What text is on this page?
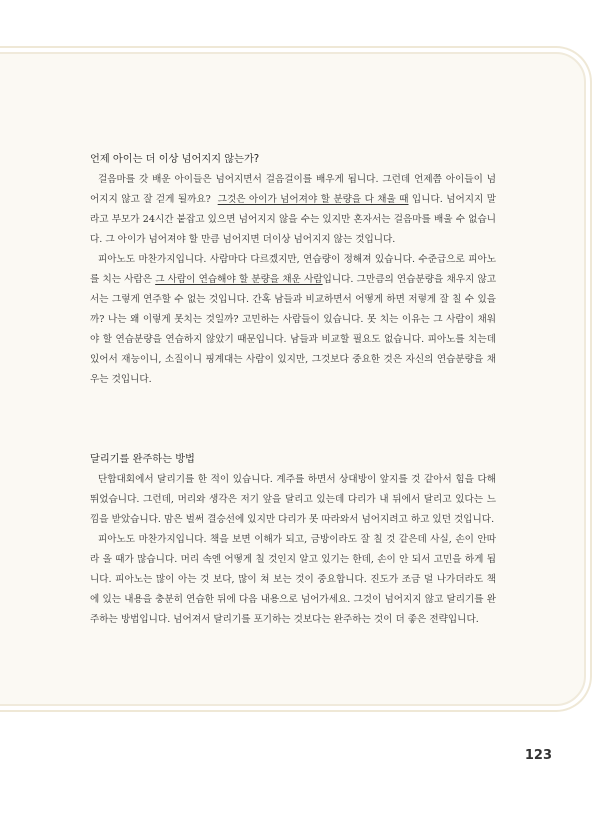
언제 아이는 더 이상 넘어지지 않는가?

걸음마를 갓 배운 아이들은 넘어지면서 걸음걸이를 배우게 됩니다. 그런데 언제쯤 아이들이 넘어지지 않고 잘 걷게 될까요? 그것은 아이가 넘어져야 할 분량을 다 채울 때 입니다. 넘어지지 말라고 부모가 24시간 붙잡고 있으면 넘어지지 않을 수는 있지만 혼자서는 걸음마를 배울 수 없습니다. 그 아이가 넘어져야 할 만큼 넘어지면 더이상 넘어지지 않는 것입니다.

피아노도 마찬가지입니다. 사람마다 다르겠지만, 연습량이 정해져 있습니다. 수준급으로 피아노를 치는 사람은 그 사람이 연습해야 할 분량을 채운 사람입니다. 그만큼의 연습분량을 채우지 않고서는 그렇게 연주할 수 없는 것입니다. 간혹 남들과 비교하면서 어떻게 하면 저렇게 잘 칠 수 있을까? 나는 왜 이렇게 못치는 것일까? 고민하는 사람들이 있습니다. 못 치는 이유는 그 사람이 채워야 할 연습분량을 연습하지 않았기 때문입니다. 남들과 비교할 필요도 없습니다. 피아노를 치는데 있어서 재능이니, 소질이니 핑계대는 사람이 있지만, 그것보다 중요한 것은 자신의 연습분량을 채우는 것입니다.

달리기를 완주하는 방법

단합대회에서 달리기를 한 적이 있습니다. 계주를 하면서 상대방이 앞지를 것 같아서 힘을 다해 뛰었습니다. 그런데, 머리와 생각은 저기 앞을 달리고 있는데 다리가 내 뒤에서 달리고 있다는 느낌을 받았습니다. 맘은 벌써 결승선에 있지만 다리가 못 따라와서 넘어지려고 하고 있던 것입니다.

피아노도 마찬가지입니다. 책을 보면 이해가 되고, 금방이라도 잘 칠 것 같은데 사실, 손이 안따라 올 때가 많습니다. 머리 속엔 어떻게 칠 것인지 알고 있기는 한데, 손이 안 되서 고민을 하게 됩니다. 피아노는 많이 아는 것 보다, 많이 쳐 보는 것이 중요합니다. 진도가 조금 덜 나가더라도 책에 있는 내용을 충분히 연습한 뒤에 다음 내용으로 넘어가세요. 그것이 넘어지지 않고 달리기를 완주하는 방법입니다. 넘어져서 달리기를 포기하는 것보다는 완주하는 것이 더 좋은 전략입니다.

123
